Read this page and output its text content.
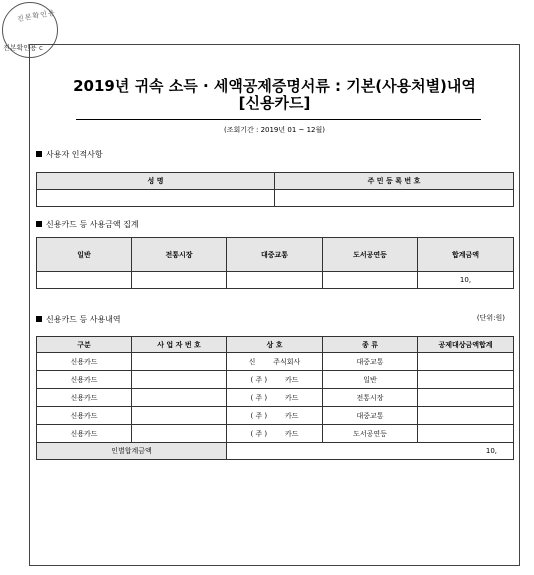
진본확인용
진본확인용 c
2019년 귀속 소득 · 세액공제증명서류 : 기본(사용처별)내역
[신용카드]
(조회기간 : 2019년 01 ~ 12월)
사용자 인적사항
성 명	주 민 등 록 번 호

신용카드 등 사용금액 집계
일반	전통시장	대중교통	도서공연등	합계금액
				10,
신용카드 등 사용내역	(단위:원)
구분	사 업 자 번 호	상 호	종 류	공제대상금액합계
신용카드		신 주식회사	대중교통	
신용카드		( 주 ) 카드	일반	
신용카드		( 주 ) 카드	전통시장	
신용카드		( 주 ) 카드	대중교통	
신용카드		( 주 ) 카드	도서공연등	
인별합계금액		10,		
